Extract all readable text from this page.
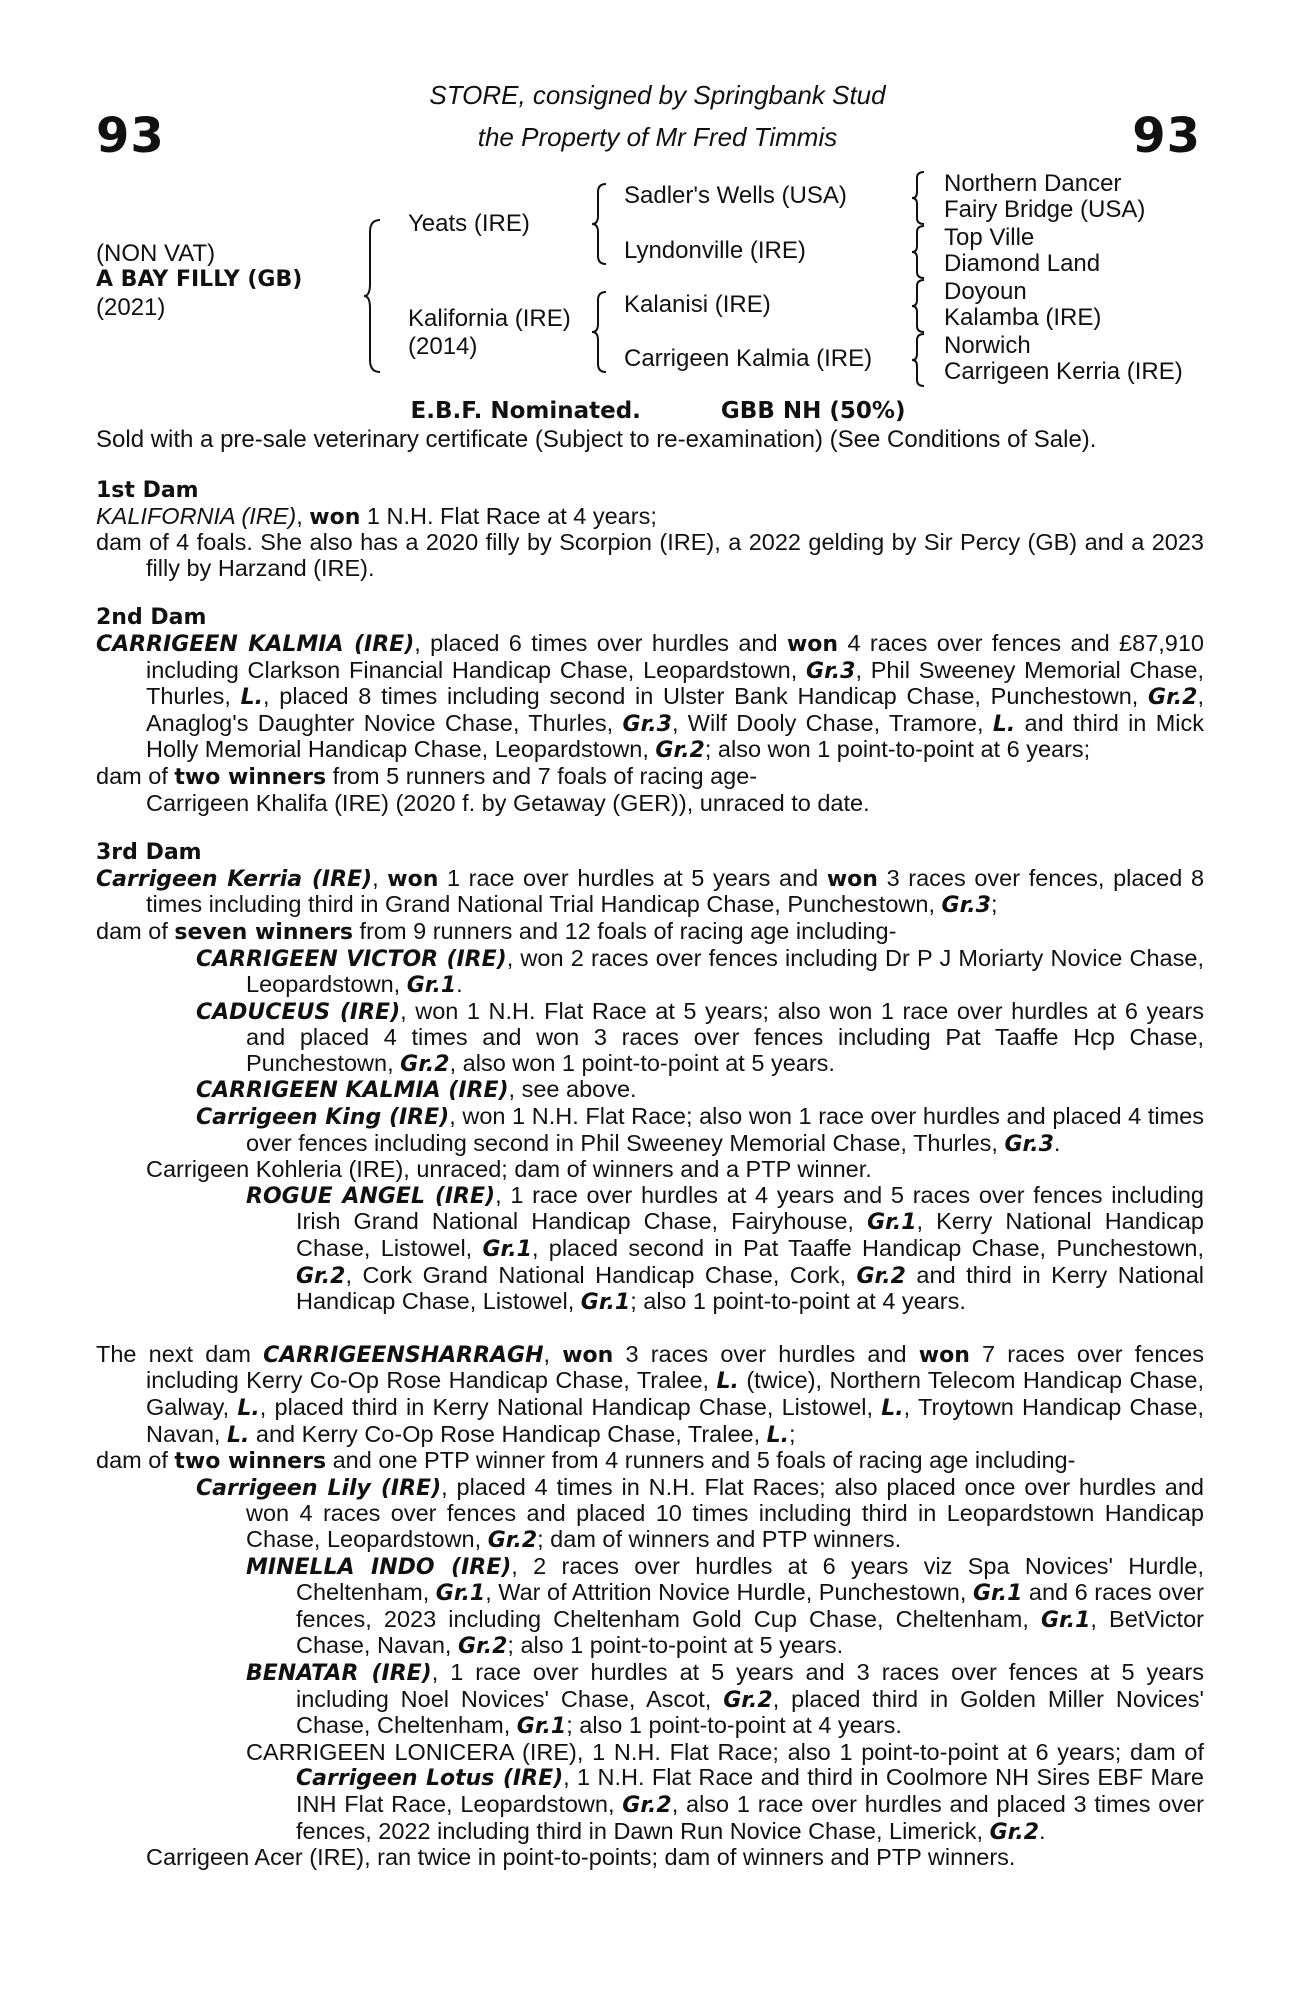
93	93
STORE, consigned by Springbank Stud
the Property of Mr Fred Timmis
(NON VAT)
A BAY FILLY (GB)
(2021)
Yeats (IRE)
Kalifornia (IRE)
(2014)
Sadler's Wells (USA)
Lyndonville (IRE)
Kalanisi (IRE)
Carrigeen Kalmia (IRE)
Northern Dancer
Fairy Bridge (USA)
Top Ville
Diamond Land
Doyoun
Kalamba (IRE)
Norwich
Carrigeen Kerria (IRE)
E.B.F. Nominated.	GBB NH (50%)
Sold with a pre-sale veterinary certificate (Subject to re-examination) (See Conditions of Sale).
1st Dam
KALIFORNIA (IRE), won 1 N.H. Flat Race at 4 years;
dam of 4 foals. She also has a 2020 filly by Scorpion (IRE), a 2022 gelding by Sir Percy (GB) and a 2023 filly by Harzand (IRE).
2nd Dam
CARRIGEEN KALMIA (IRE), placed 6 times over hurdles and won 4 races over fences and £87,910 including Clarkson Financial Handicap Chase, Leopardstown, Gr.3, Phil Sweeney Memorial Chase, Thurles, L., placed 8 times including second in Ulster Bank Handicap Chase, Punchestown, Gr.2, Anaglog's Daughter Novice Chase, Thurles, Gr.3, Wilf Dooly Chase, Tramore, L. and third in Mick Holly Memorial Handicap Chase, Leopardstown, Gr.2; also won 1 point-to-point at 6 years;
dam of two winners from 5 runners and 7 foals of racing age-
Carrigeen Khalifa (IRE) (2020 f. by Getaway (GER)), unraced to date.
3rd Dam
Carrigeen Kerria (IRE), won 1 race over hurdles at 5 years and won 3 races over fences, placed 8 times including third in Grand National Trial Handicap Chase, Punchestown, Gr.3;
dam of seven winners from 9 runners and 12 foals of racing age including-
CARRIGEEN VICTOR (IRE), won 2 races over fences including Dr P J Moriarty Novice Chase, Leopardstown, Gr.1.
CADUCEUS (IRE), won 1 N.H. Flat Race at 5 years; also won 1 race over hurdles at 6 years and placed 4 times and won 3 races over fences including Pat Taaffe Hcp Chase, Punchestown, Gr.2, also won 1 point-to-point at 5 years.
CARRIGEEN KALMIA (IRE), see above.
Carrigeen King (IRE), won 1 N.H. Flat Race; also won 1 race over hurdles and placed 4 times over fences including second in Phil Sweeney Memorial Chase, Thurles, Gr.3.
Carrigeen Kohleria (IRE), unraced; dam of winners and a PTP winner.
ROGUE ANGEL (IRE), 1 race over hurdles at 4 years and 5 races over fences including Irish Grand National Handicap Chase, Fairyhouse, Gr.1, Kerry National Handicap Chase, Listowel, Gr.1, placed second in Pat Taaffe Handicap Chase, Punchestown, Gr.2, Cork Grand National Handicap Chase, Cork, Gr.2 and third in Kerry National Handicap Chase, Listowel, Gr.1; also 1 point-to-point at 4 years.
The next dam CARRIGEENSHARRAGH, won 3 races over hurdles and won 7 races over fences including Kerry Co-Op Rose Handicap Chase, Tralee, L. (twice), Northern Telecom Handicap Chase, Galway, L., placed third in Kerry National Handicap Chase, Listowel, L., Troytown Handicap Chase, Navan, L. and Kerry Co-Op Rose Handicap Chase, Tralee, L.;
dam of two winners and one PTP winner from 4 runners and 5 foals of racing age including-
Carrigeen Lily (IRE), placed 4 times in N.H. Flat Races; also placed once over hurdles and won 4 races over fences and placed 10 times including third in Leopardstown Handicap Chase, Leopardstown, Gr.2; dam of winners and PTP winners.
MINELLA INDO (IRE), 2 races over hurdles at 6 years viz Spa Novices' Hurdle, Cheltenham, Gr.1, War of Attrition Novice Hurdle, Punchestown, Gr.1 and 6 races over fences, 2023 including Cheltenham Gold Cup Chase, Cheltenham, Gr.1, BetVictor Chase, Navan, Gr.2; also 1 point-to-point at 5 years.
BENATAR (IRE), 1 race over hurdles at 5 years and 3 races over fences at 5 years including Noel Novices' Chase, Ascot, Gr.2, placed third in Golden Miller Novices' Chase, Cheltenham, Gr.1; also 1 point-to-point at 4 years.
CARRIGEEN LONICERA (IRE), 1 N.H. Flat Race; also 1 point-to-point at 6 years; dam of Carrigeen Lotus (IRE), 1 N.H. Flat Race and third in Coolmore NH Sires EBF Mare INH Flat Race, Leopardstown, Gr.2, also 1 race over hurdles and placed 3 times over fences, 2022 including third in Dawn Run Novice Chase, Limerick, Gr.2.
Carrigeen Acer (IRE), ran twice in point-to-points; dam of winners and PTP winners.
